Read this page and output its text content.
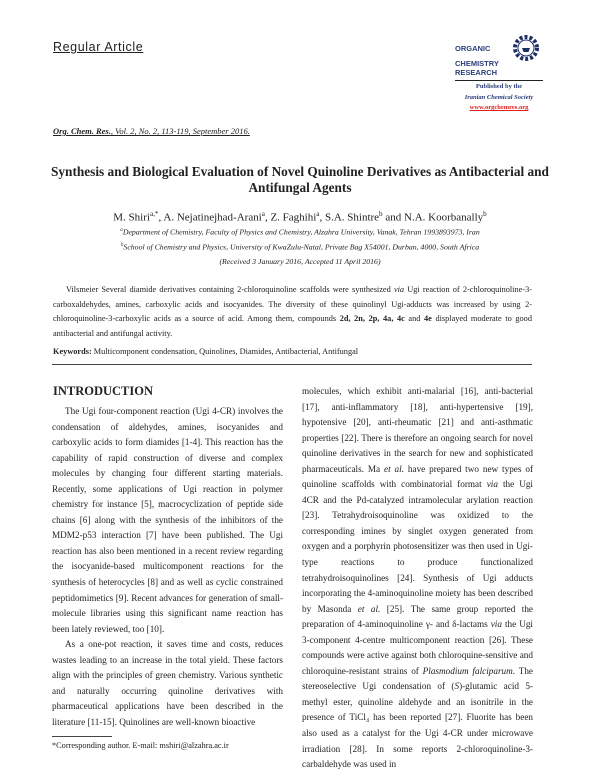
Regular Article	ORGANIC
CHEMISTRY
RESEARCH
Published by the
Iranian Chemical Society
www.orgchemres.org
Org. Chem. Res., Vol. 2, No. 2, 113-119, September 2016.
Synthesis and Biological Evaluation of Novel Quinoline Derivatives as Antibacterial and Antifungal Agents
M. Shiri$^{a,*}$, A. Nejatinejhad-Arani$^a$, Z. Faghihi$^a$, S.A. Shintre$^b$ and N.A. Koorbanally$^b$
$^a$Department of Chemistry, Faculty of Physics and Chemistry, Alzahra University, Vanak, Tehran 1993893973, Iran
$^b$School of Chemistry and Physics, University of KwaZulu-Natal, Private Bag X54001, Durban, 4000, South Africa
(Received 3 January 2016, Accepted 11 April 2016)
Vilsmeier Several diamide derivatives containing 2-chloroquinoline scaffolds were synthesized via Ugi reaction of 2-chloroquinoline-3-carboxaldehydes, amines, carboxylic acids and isocyanides. The diversity of these quinolinyl Ugi-adducts was increased by using 2-chloroquinoline-3-carboxylic acids as a source of acid. Among them, compounds 2d, 2n, 2p, 4a, 4c and 4e displayed moderate to good antibacterial and antifungal activity.
Keywords: Multicomponent condensation, Quinolines, Diamides, Antibacterial, Antifungal
INTRODUCTION

The Ugi four-component reaction (Ugi 4-CR) involves the condensation of aldehydes, amines, isocyanides and carboxylic acids to form diamides [1-4]. This reaction has the capability of rapid construction of diverse and complex molecules by changing four different starting materials. Recently, some applications of Ugi reaction in polymer chemistry for instance [5], macrocyclization of peptide side chains [6] along with the synthesis of the inhibitors of the MDM2-p53 interaction [7] have been published. The Ugi reaction has also been mentioned in a recent review regarding the isocyanide-based multicomponent reactions for the synthesis of heterocycles [8] and as well as cyclic constrained peptidomimetics [9]. Recent advances for generation of small-molecule libraries using this significant name reaction has been lately reviewed, too [10].

As a one-pot reaction, it saves time and costs, reduces wastes leading to an increase in the total yield. These factors align with the principles of green chemistry. Various synthetic and naturally occurring quinoline derivatives with pharmaceutical applications have been described in the literature [11-15]. Quinolines are well-known bioactive

molecules, which exhibit anti-malarial [16], anti-bacterial [17], anti-inflammatory [18], anti-hypertensive [19], hypotensive [20], anti-rheumatic [21] and anti-asthmatic properties [22]. There is therefore an ongoing search for novel quinoline derivatives in the search for new and sophisticated pharmaceuticals. Ma et al. have prepared two new types of quinoline scaffolds with combinatorial format via the Ugi 4CR and the Pd-catalyzed intramolecular arylation reaction [23]. Tetrahydroisoquinoline was oxidized to the corresponding imines by singlet oxygen generated from oxygen and a porphyrin photosensitizer was then used in Ugi-type reactions to produce functionalized tetrahydroisoquinolines [24]. Synthesis of Ugi adducts incorporating the 4-aminoquinoline moiety has been described by Masonda et al. [25]. The same group reported the preparation of 4-aminoquinoline γ- and δ-lactams via the Ugi 3-component 4-centre multicomponent reaction [26]. These compounds were active against both chloroquine-sensitive and chloroquine-resistant strains of Plasmodium falciparum. The stereoselective Ugi condensation of (S)-glutamic acid 5-methyl ester, quinoline aldehyde and an isonitrile in the presence of TiCl₄ has been reported [27]. Fluorite has been also used as a catalyst for the Ugi 4-CR under microwave irradiation [28]. In some reports 2-chloroquinoline-3-carbaldehyde was used in

*Corresponding author. E-mail: mshiri@alzahra.ac.ir
